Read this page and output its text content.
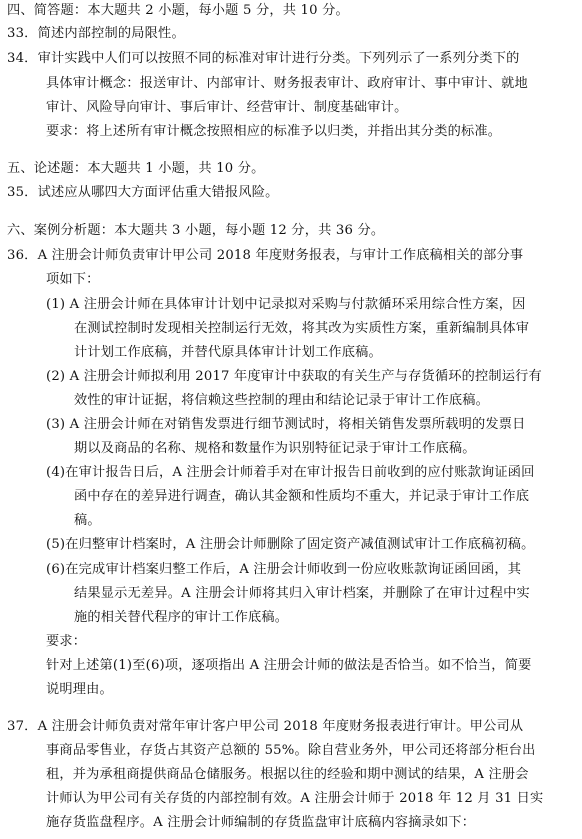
四、简答题：本大题共 2 小题，每小题 5 分，共 10 分。
33．简述内部控制的局限性。
34．审计实践中人们可以按照不同的标准对审计进行分类。下列列示了一系列分类下的
具体审计概念：报送审计、内部审计、财务报表审计、政府审计、事中审计、就地
审计、风险导向审计、事后审计、经营审计、制度基础审计。
要求：将上述所有审计概念按照相应的标准予以归类，并指出其分类的标准。
五、论述题：本大题共 1 小题，共 10 分。
35．试述应从哪四大方面评估重大错报风险。
六、案例分析题：本大题共 3 小题，每小题 12 分，共 36 分。
36．A 注册会计师负责审计甲公司 2018 年度财务报表，与审计工作底稿相关的部分事
项如下：
(1) A 注册会计师在具体审计计划中记录拟对采购与付款循环采用综合性方案，因
在测试控制时发现相关控制运行无效，将其改为实质性方案，重新编制具体审
计计划工作底稿，并替代原具体审计计划工作底稿。
(2) A 注册会计师拟利用 2017 年度审计中获取的有关生产与存货循环的控制运行有
效性的审计证据，将信赖这些控制的理由和结论记录于审计工作底稿。
(3) A 注册会计师在对销售发票进行细节测试时，将相关销售发票所载明的发票日
期以及商品的名称、规格和数量作为识别特征记录于审计工作底稿。
(4)在审计报告日后，A 注册会计师着手对在审计报告日前收到的应付账款询证函回
函中存在的差异进行调查，确认其金额和性质均不重大，并记录于审计工作底
稿。
(5)在归整审计档案时，A 注册会计师删除了固定资产减值测试审计工作底稿初稿。
(6)在完成审计档案归整工作后，A 注册会计师收到一份应收账款询证函回函，其
结果显示无差异。A 注册会计师将其归入审计档案，并删除了在审计过程中实
施的相关替代程序的审计工作底稿。
要求：
针对上述第(1)至(6)项，逐项指出 A 注册会计师的做法是否恰当。如不恰当，简要
说明理由。
37．A 注册会计师负责对常年审计客户甲公司 2018 年度财务报表进行审计。甲公司从
事商品零售业，存货占其资产总额的 55%。除自营业务外，甲公司还将部分柜台出
租，并为承租商提供商品仓储服务。根据以往的经验和期中测试的结果，A 注册会
计师认为甲公司有关存货的内部控制有效。A 注册会计师于 2018 年 12 月 31 日实
施存货监盘程序。A 注册会计师编制的存货监盘审计底稿内容摘录如下：
